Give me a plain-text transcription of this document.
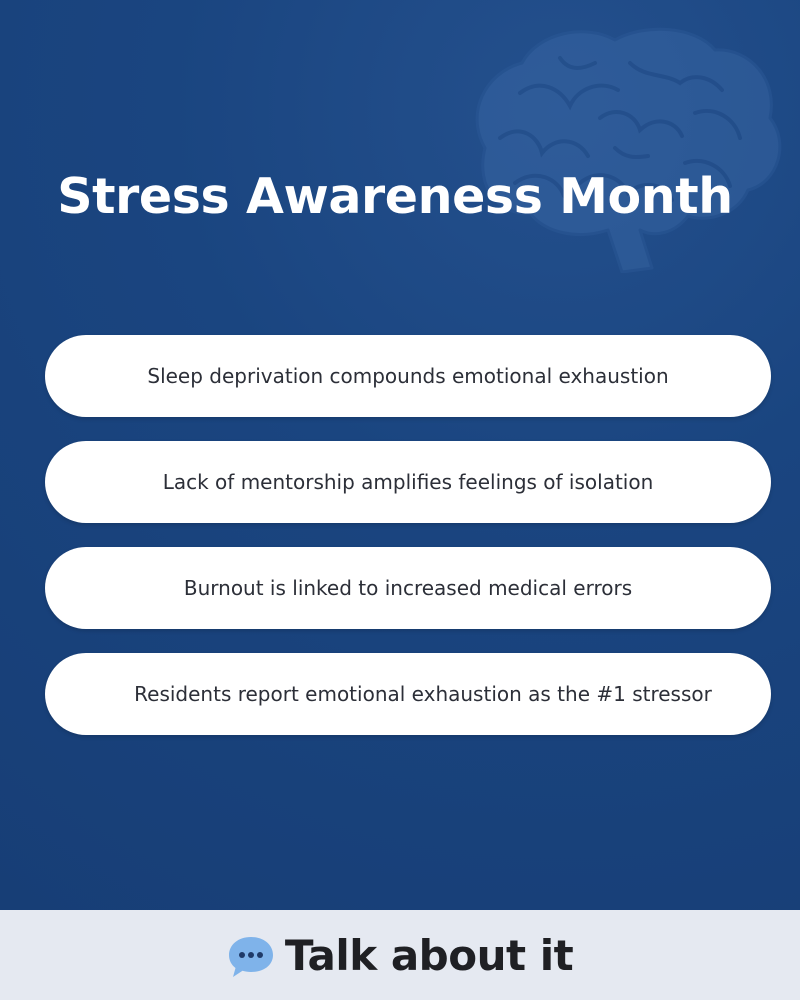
Stress Awareness Month
Sleep deprivation compounds emotional exhaustion
Lack of mentorship amplifies feelings of isolation
Burnout is linked to increased medical errors
Residents report emotional exhaustion as the #1 stressor
Talk about it
